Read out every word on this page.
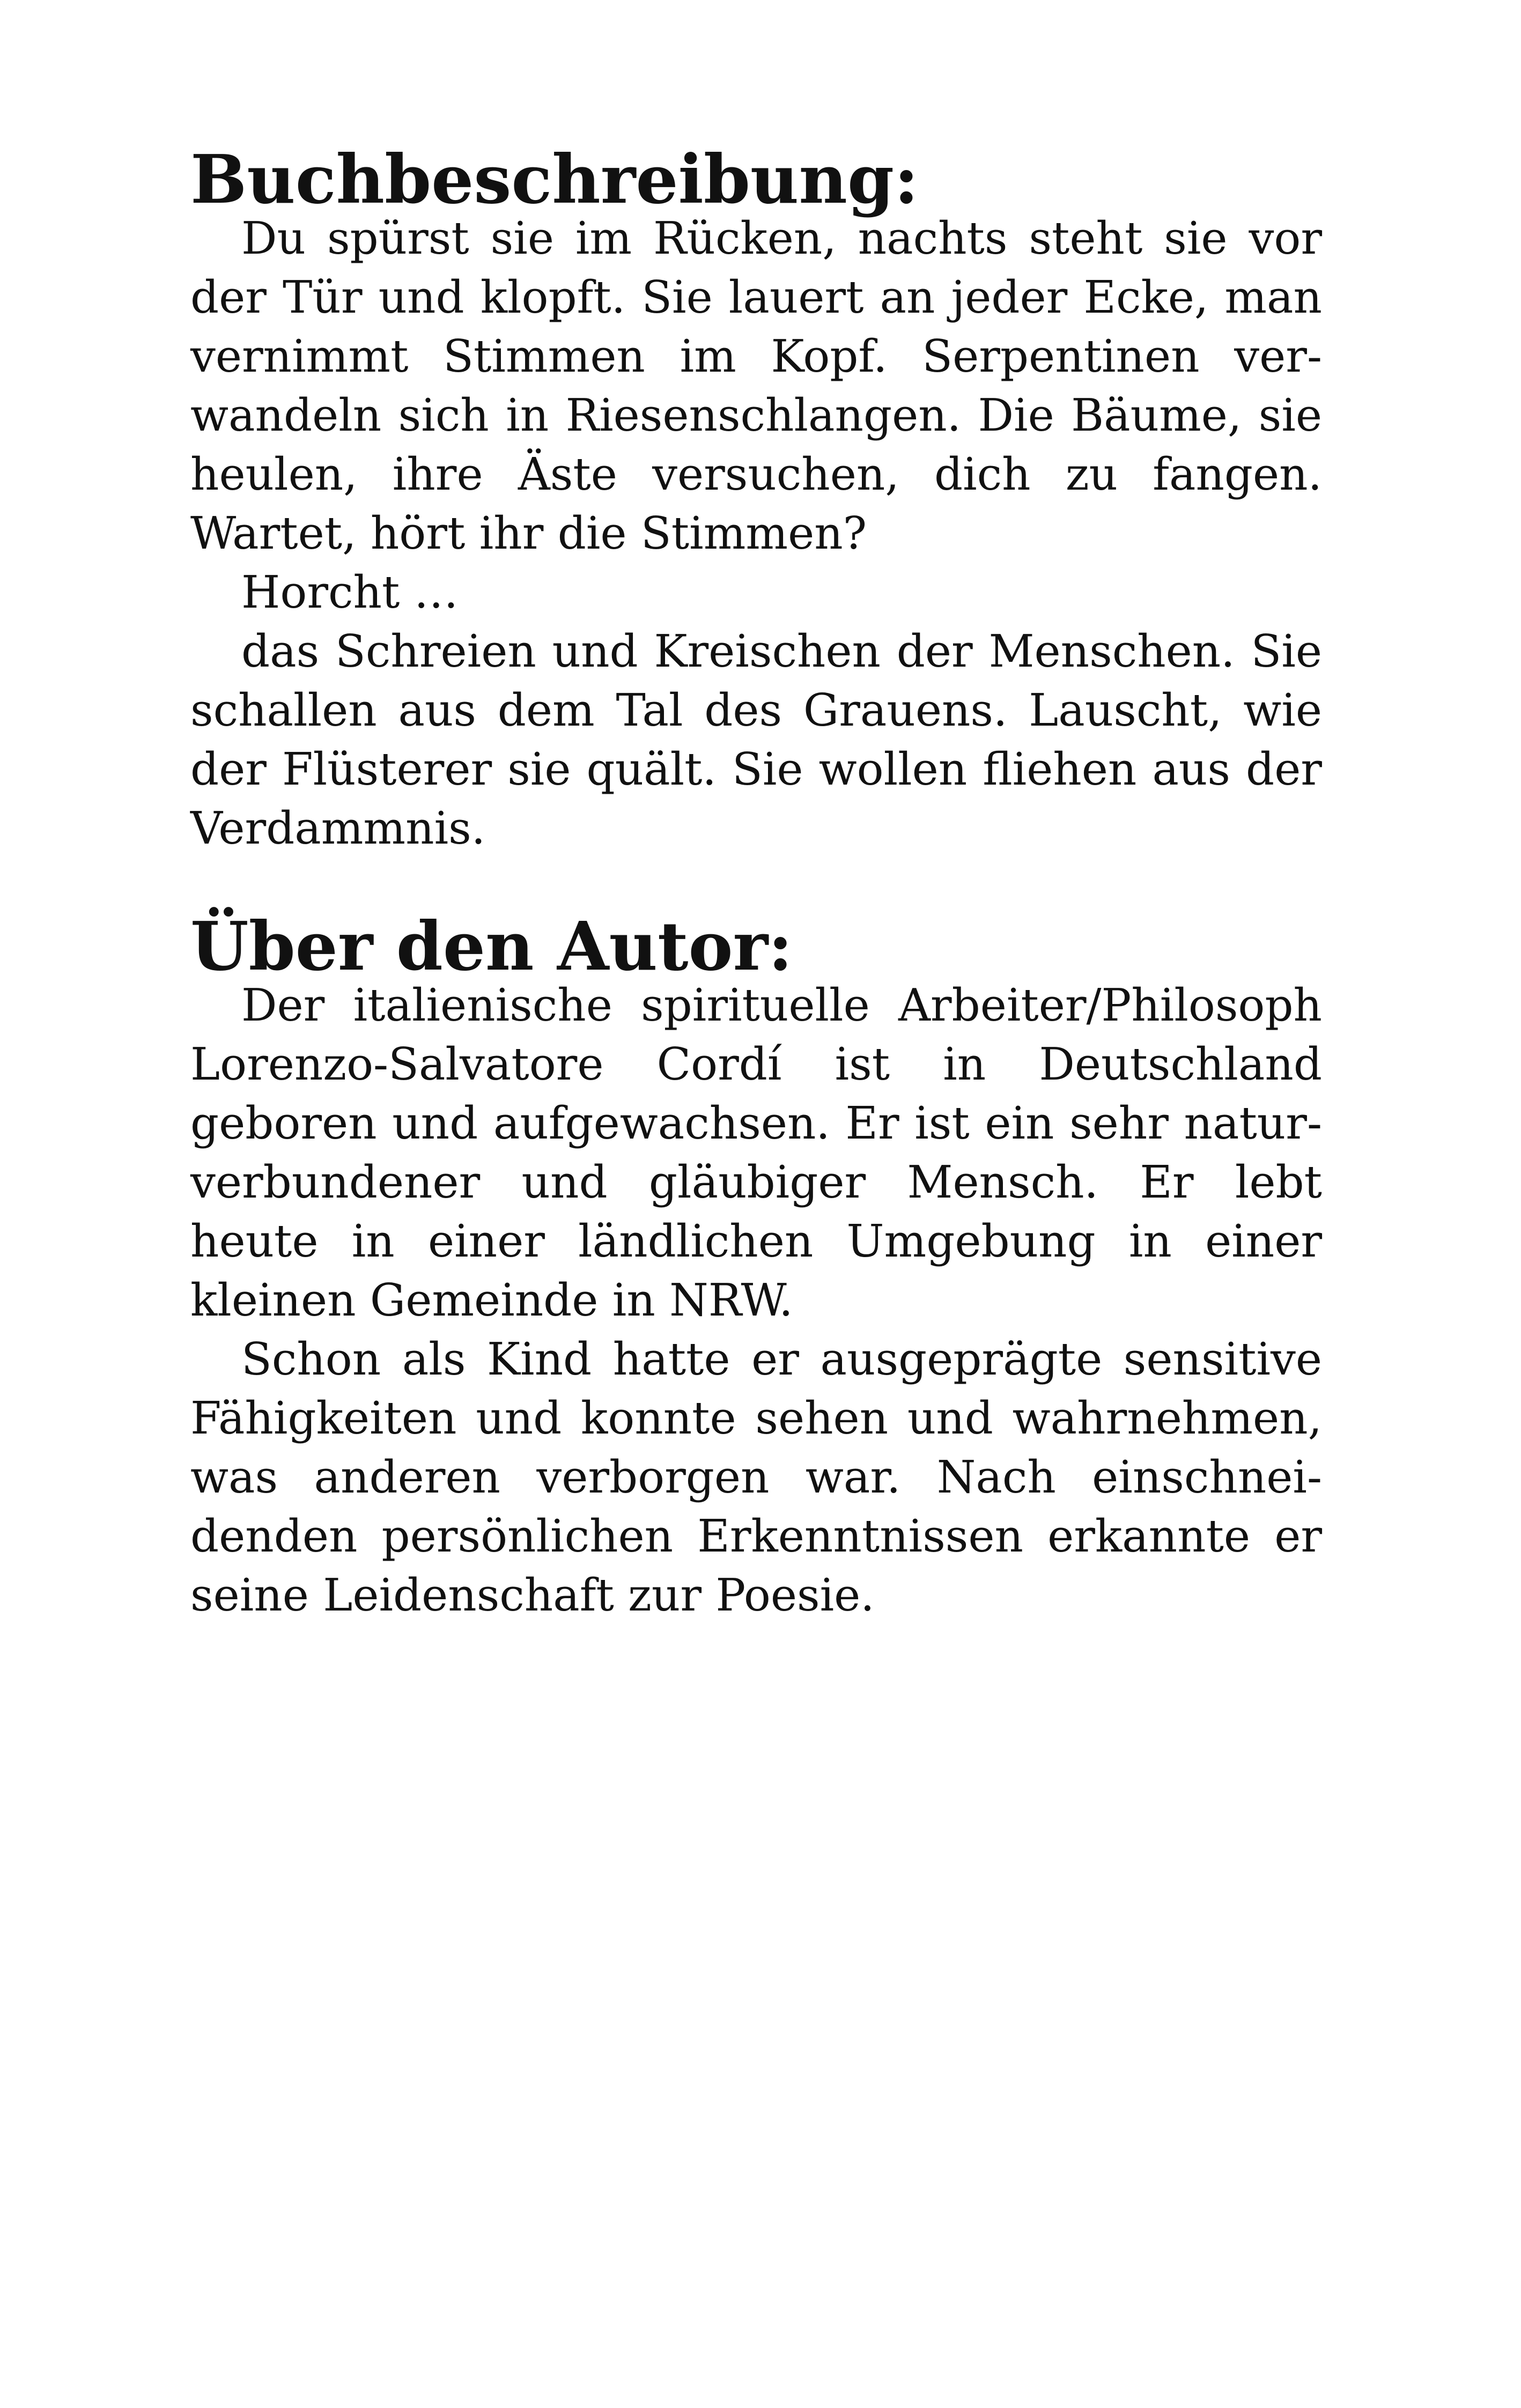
Buchbeschreibung:

Du spürst sie im Rücken, nachts steht sie vor der Tür und klopft. Sie lauert an jeder Ecke, man vernimmt Stimmen im Kopf. Serpentinen verwandeln sich in Riesenschlangen. Die Bäume, sie heulen, ihre Äste versuchen, dich zu fangen. Wartet, hört ihr die Stimmen?

Horcht …

das Schreien und Kreischen der Menschen. Sie schallen aus dem Tal des Grauens. Lauscht, wie der Flüsterer sie quält. Sie wollen fliehen aus der Verdammnis.

Über den Autor:

Der italienische spirituelle Arbeiter/Philosoph Lorenzo-Salvatore Cordí ist in Deutschland geboren und aufgewachsen. Er ist ein sehr naturverbundener und gläubiger Mensch. Er lebt heute in einer ländlichen Umgebung in einer kleinen Gemeinde in NRW.

Schon als Kind hatte er ausgeprägte sensitive Fähigkeiten und konnte sehen und wahrnehmen, was anderen verborgen war. Nach einschneidenden persönlichen Erkenntnissen erkannte er seine Leidenschaft zur Poesie.
